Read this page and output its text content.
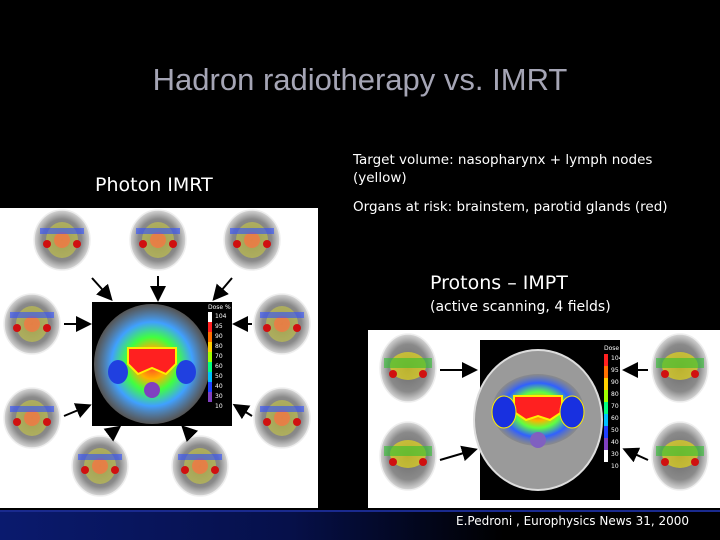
Hadron radiotherapy vs. IMRT
Photon IMRT
Target volume: nasopharynx + lymph nodes (yellow)
Organs at risk: brainstem, parotid glands (red)
Protons – IMPT
(active scanning, 4 fields)
Dose %
104
95
90
80
70
60
50
40
30
10
Dose %
104
95
90
80
70
60
50
40
30
10
E.Pedroni , Europhysics News 31, 2000
